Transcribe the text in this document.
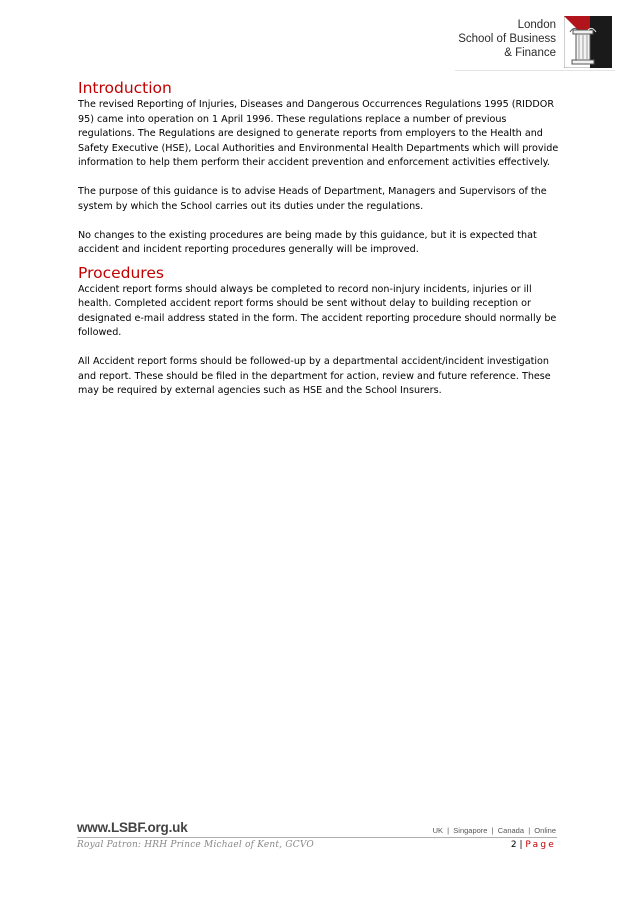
London
School of Business
& Finance
Introduction

The revised Reporting of Injuries, Diseases and Dangerous Occurrences Regulations 1995 (RIDDOR 95) came into operation on 1 April 1996. These regulations replace a number of previous regulations. The Regulations are designed to generate reports from employers to the Health and Safety Executive (HSE), Local Authorities and Environmental Health Departments which will provide information to help them perform their accident prevention and enforcement activities effectively.

The purpose of this guidance is to advise Heads of Department, Managers and Supervisors of the system by which the School carries out its duties under the regulations.

No changes to the existing procedures are being made by this guidance, but it is expected that accident and incident reporting procedures generally will be improved.

Procedures

Accident report forms should always be completed to record non-injury incidents, injuries or ill health. Completed accident report forms should be sent without delay to building reception or designated e-mail address stated in the form. The accident reporting procedure should normally be followed.

All Accident report forms should be followed-up by a departmental accident/incident investigation and report. These should be filed in the department for action, review and future reference. These may be required by external agencies such as HSE and the School Insurers.

www.LSBF.org.uk	UK  |  Singapore  |  Canada  |  Online
Royal Patron: HRH Prince Michael of Kent, GCVO	2 | Page
